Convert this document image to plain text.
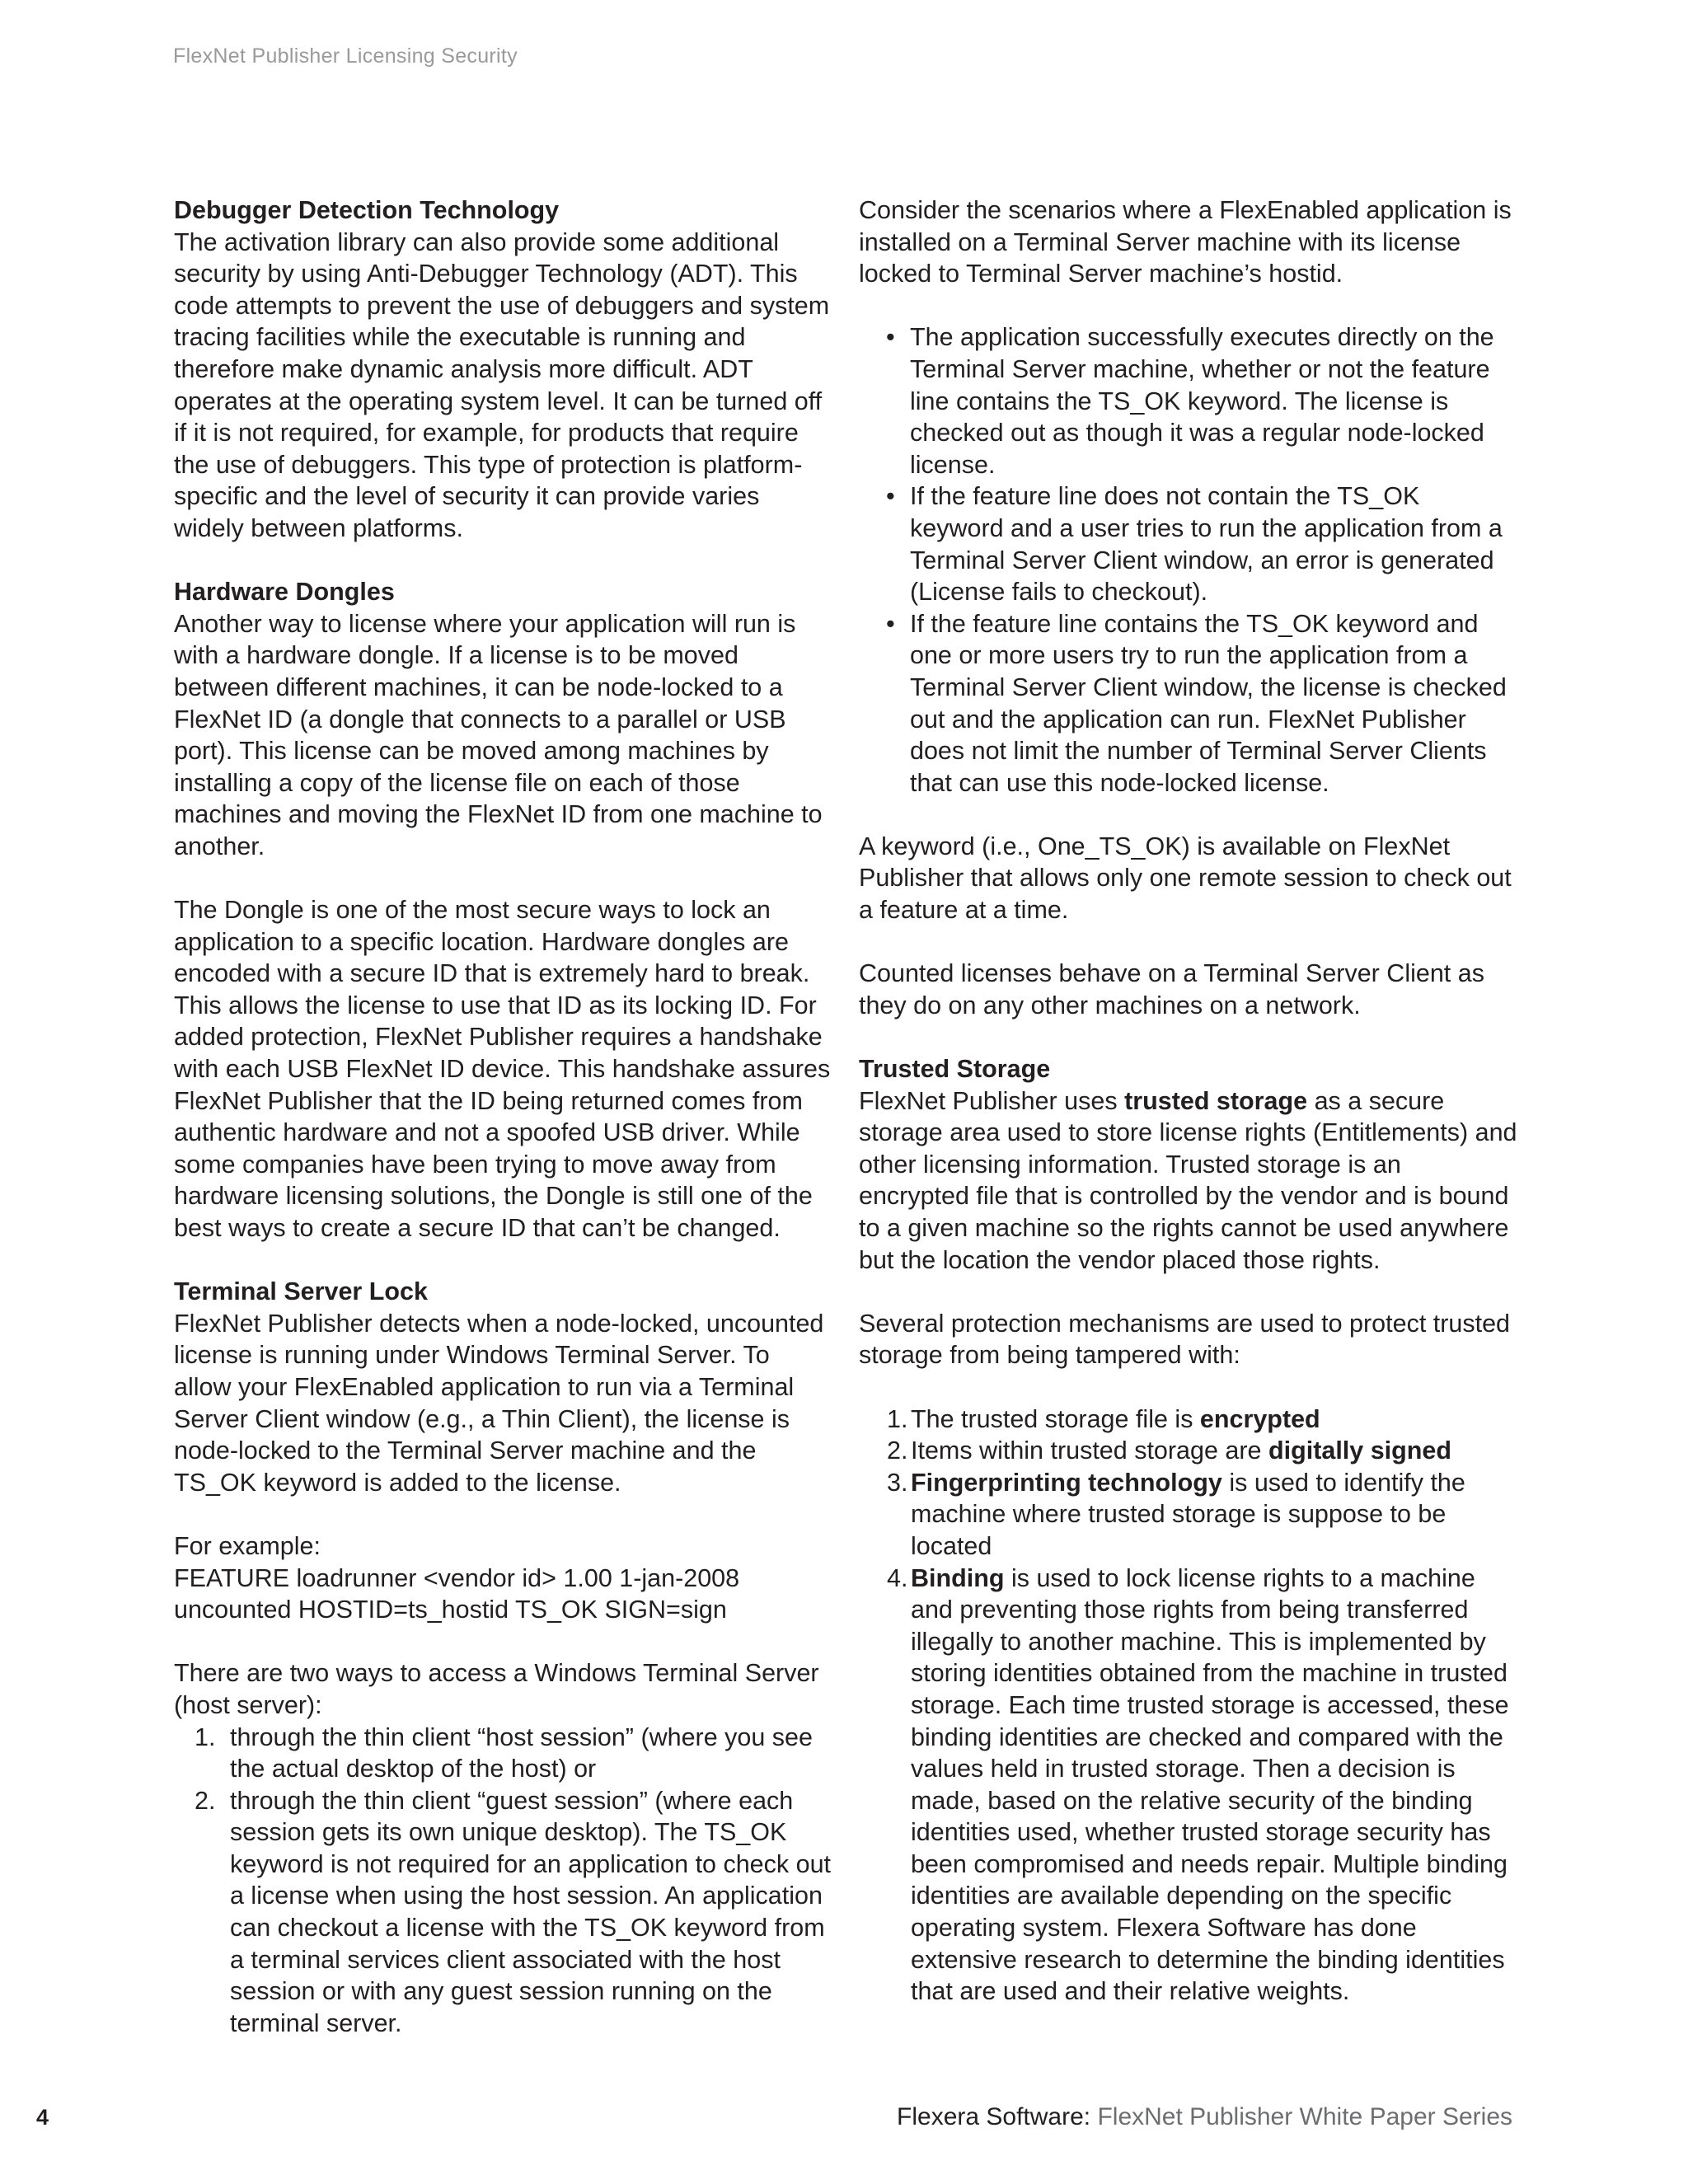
FlexNet Publisher Licensing Security

Debugger Detection Technology
The activation library can also provide some additional security by using Anti-Debugger Technology (ADT). This code attempts to prevent the use of debuggers and system tracing facilities while the executable is running and therefore make dynamic analysis more difficult. ADT operates at the operating system level. It can be turned off if it is not required, for example, for products that require the use of debuggers. This type of protection is platform-specific and the level of security it can provide varies widely between platforms.

Hardware Dongles
Another way to license where your application will run is with a hardware dongle. If a license is to be moved between different machines, it can be node-locked to a FlexNet ID (a dongle that connects to a parallel or USB port). This license can be moved among machines by installing a copy of the license file on each of those machines and moving the FlexNet ID from one machine to another.

The Dongle is one of the most secure ways to lock an application to a specific location. Hardware dongles are encoded with a secure ID that is extremely hard to break. This allows the license to use that ID as its locking ID. For added protection, FlexNet Publisher requires a handshake with each USB FlexNet ID device. This handshake assures FlexNet Publisher that the ID being returned comes from authentic hardware and not a spoofed USB driver. While some companies have been trying to move away from hardware licensing solutions, the Dongle is still one of the best ways to create a secure ID that can’t be changed.

Terminal Server Lock
FlexNet Publisher detects when a node-locked, uncounted license is running under Windows Terminal Server. To allow your FlexEnabled application to run via a Terminal Server Client window (e.g., a Thin Client), the license is node-locked to the Terminal Server machine and the TS_OK keyword is added to the license.

For example:
FEATURE loadrunner <vendor id> 1.00 1-jan-2008
uncounted HOSTID=ts_hostid TS_OK SIGN=sign

There are two ways to access a Windows Terminal Server (host server):
1. through the thin client “host session” (where you see the actual desktop of the host) or
2. through the thin client “guest session” (where each session gets its own unique desktop). The TS_OK keyword is not required for an application to check out a license when using the host session. An application can checkout a license with the TS_OK keyword from a terminal services client associated with the host session or with any guest session running on the terminal server.

Consider the scenarios where a FlexEnabled application is installed on a Terminal Server machine with its license locked to Terminal Server machine’s hostid.

• The application successfully executes directly on the Terminal Server machine, whether or not the feature line contains the TS_OK keyword. The license is checked out as though it was a regular node-locked license.
• If the feature line does not contain the TS_OK keyword and a user tries to run the application from a Terminal Server Client window, an error is generated (License fails to checkout).
• If the feature line contains the TS_OK keyword and one or more users try to run the application from a Terminal Server Client window, the license is checked out and the application can run. FlexNet Publisher does not limit the number of Terminal Server Clients that can use this node-locked license.

A keyword (i.e., One_TS_OK) is available on FlexNet Publisher that allows only one remote session to check out a feature at a time.

Counted licenses behave on a Terminal Server Client as they do on any other machines on a network.

Trusted Storage
FlexNet Publisher uses trusted storage as a secure storage area used to store license rights (Entitlements) and other licensing information. Trusted storage is an encrypted file that is controlled by the vendor and is bound to a given machine so the rights cannot be used anywhere but the location the vendor placed those rights.

Several protection mechanisms are used to protect trusted storage from being tampered with:

1. The trusted storage file is encrypted
2. Items within trusted storage are digitally signed
3. Fingerprinting technology is used to identify the machine where trusted storage is suppose to be located
4. Binding is used to lock license rights to a machine and preventing those rights from being transferred illegally to another machine. This is implemented by storing identities obtained from the machine in trusted storage. Each time trusted storage is accessed, these binding identities are checked and compared with the values held in trusted storage. Then a decision is made, based on the relative security of the binding identities used, whether trusted storage security has been compromised and needs repair. Multiple binding identities are available depending on the specific operating system. Flexera Software has done extensive research to determine the binding identities that are used and their relative weights.
4	Flexera Software: FlexNet Publisher White Paper Series
